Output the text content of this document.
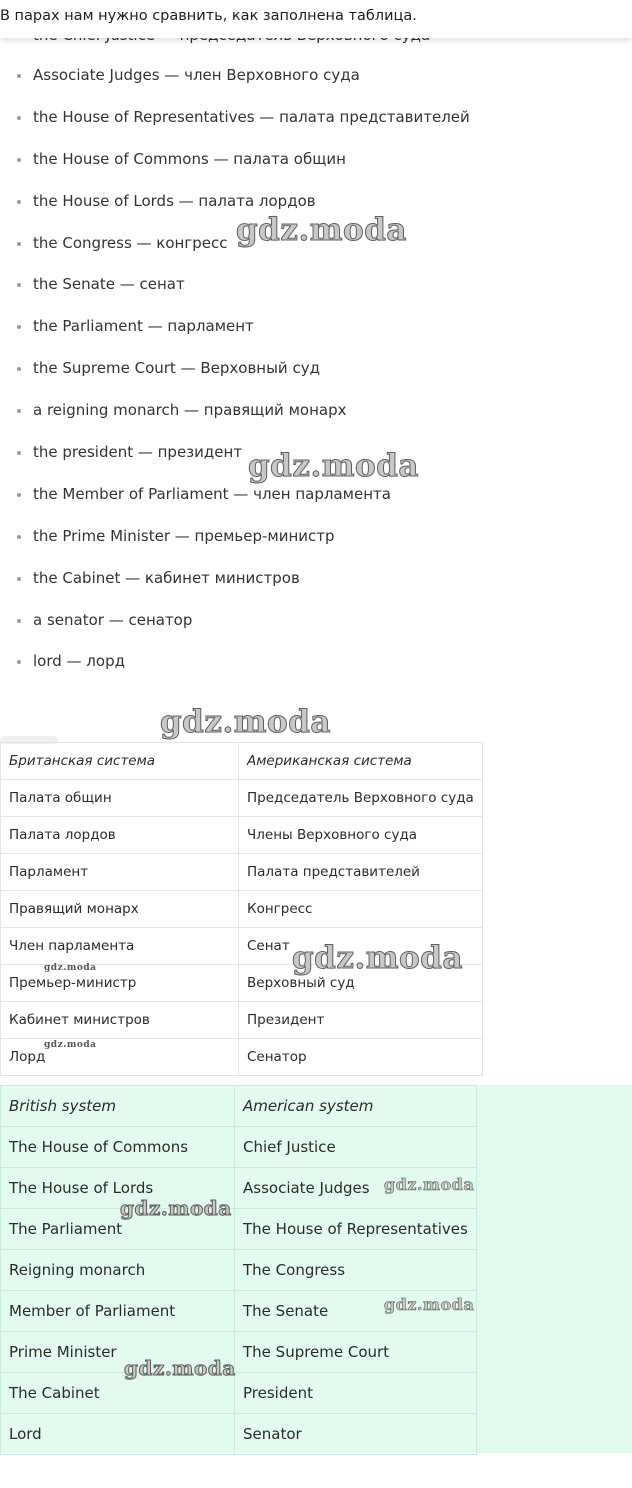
В парах нам нужно сравнить, как заполнена таблица.
Associate Judges — член Верховного суда
the House of Representatives — палата представителей
the House of Commons — палата общин
the House of Lords — палата лордов
the Congress — конгресс
the Senate — сенат
the Parliament — парламент
the Supreme Court — Верховный суд
a reigning monarch — правящий монарх
the president — президент
the Member of Parliament — член парламента
the Prime Minister — премьер-министр
the Cabinet — кабинет министров
a senator — сенатор
lord — лорд
Британская система	Американская система
Палата общин	Председатель Верховного суда
Палата лордов	Члены Верховного суда
Парламент	Палата представителей
Правящий монарх	Конгресс
Член парламента	Сенат
Премьер-министр	Верховный суд
Кабинет министров	Президент
Лорд	Сенатор
British system	American system
The House of Commons	Chief Justice
The House of Lords	Associate Judges
The Parliament	The House of Representatives
Reigning monarch	The Congress
Member of Parliament	The Senate
Prime Minister	The Supreme Court
The Cabinet	President
Lord	Senator
gdz.moda
gdz.moda
gdz.moda
gdz.moda
gdz.moda
gdz.moda
gdz.moda
gdz.moda
gdz.moda
gdz.moda
